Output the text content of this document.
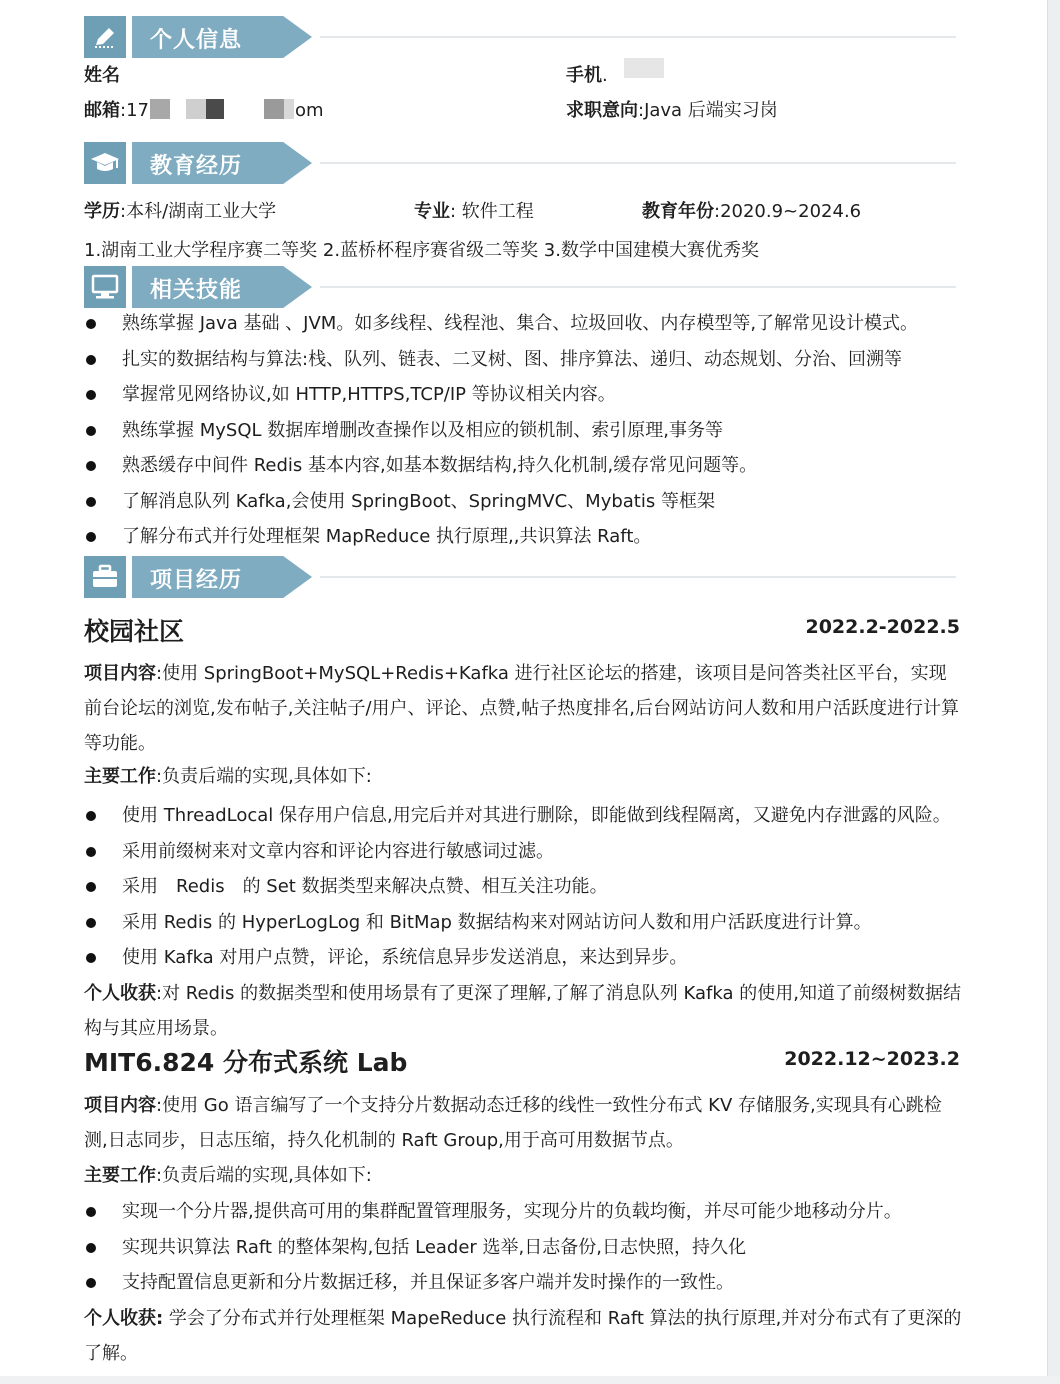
个人信息
姓名	手机.
邮箱:17	om	求职意向:Java 后端实习岗
教育经历
学历:本科/湖南工业大学	专业: 软件工程	教育年份:2020.9~2024.6
1.湖南工业大学程序赛二等奖 2.蓝桥杯程序赛省级二等奖 3.数学中国建模大赛优秀奖
相关技能
熟练掌握 Java 基础 、JVM。如多线程、线程池、集合、垃圾回收、内存模型等,了解常见设计模式。
扎实的数据结构与算法:栈、队列、链表、二叉树、图、排序算法、递归、动态规划、分治、回溯等
掌握常见网络协议,如 HTTP,HTTPS,TCP/IP 等协议相关内容。
熟练掌握 MySQL 数据库增删改查操作以及相应的锁机制、索引原理,事务等
熟悉缓存中间件 Redis 基本内容,如基本数据结构,持久化机制,缓存常见问题等。
了解消息队列 Kafka,会使用 SpringBoot、SpringMVC、Mybatis 等框架
了解分布式并行处理框架 MapReduce 执行原理,,共识算法 Raft。
项目经历
校园社区	2022.2-2022.5
项目内容:使用 SpringBoot+MySQL+Redis+Kafka 进行社区论坛的搭建，该项目是问答类社区平台，实现前台论坛的浏览,发布帖子,关注帖子/用户、评论、点赞,帖子热度排名,后台网站访问人数和用户活跃度进行计算等功能。
主要工作:负责后端的实现,具体如下:
使用 ThreadLocal 保存用户信息,用完后并对其进行删除，即能做到线程隔离，又避免内存泄露的风险。
采用前缀树来对文章内容和评论内容进行敏感词过滤。
采用　Redis　的 Set 数据类型来解决点赞、相互关注功能。
采用 Redis 的 HyperLogLog 和 BitMap 数据结构来对网站访问人数和用户活跃度进行计算。
使用 Kafka 对用户点赞，评论，系统信息异步发送消息，来达到异步。
个人收获:对 Redis 的数据类型和使用场景有了更深了理解,了解了消息队列 Kafka 的使用,知道了前缀树数据结构与其应用场景。
MIT6.824 分布式系统 Lab	2022.12~2023.2
项目内容:使用 Go 语言编写了一个支持分片数据动态迁移的线性一致性分布式 KV 存储服务,实现具有心跳检测,日志同步，日志压缩，持久化机制的 Raft Group,用于高可用数据节点。
主要工作:负责后端的实现,具体如下:
实现一个分片器,提供高可用的集群配置管理服务，实现分片的负载均衡，并尽可能少地移动分片。
实现共识算法 Raft 的整体架构,包括 Leader 选举,日志备份,日志快照，持久化
支持配置信息更新和分片数据迁移，并且保证多客户端并发时操作的一致性。
个人收获: 学会了分布式并行处理框架 MapeReduce 执行流程和 Raft 算法的执行原理,并对分布式有了更深的了解。
